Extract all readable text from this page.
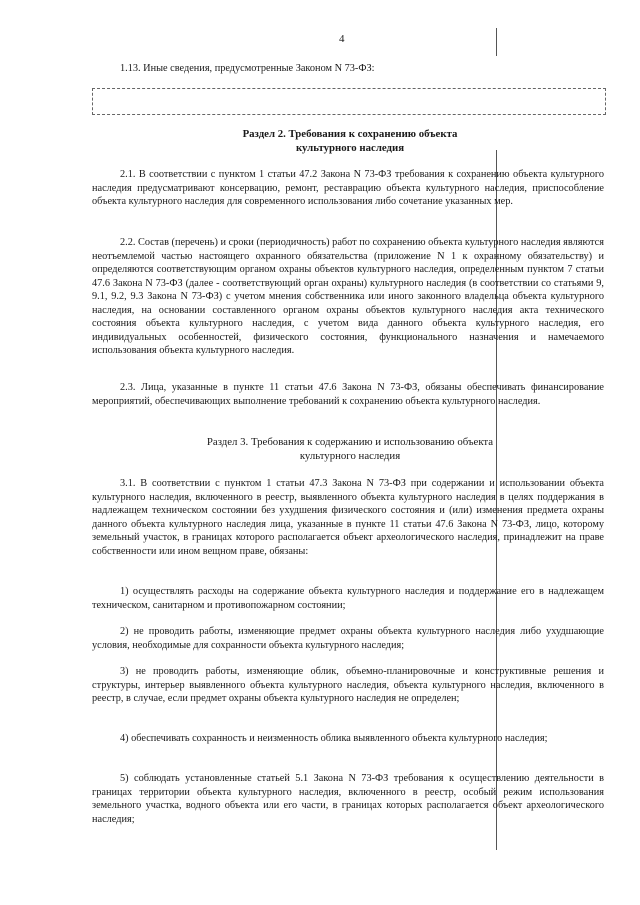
4
1.13. Иные сведения, предусмотренные Законом N 73-ФЗ:
Раздел 2. Требования к сохранению объекта
культурного наследия
2.1. В соответствии с пунктом 1 статьи 47.2 Закона N 73-ФЗ требования к сохранению объекта культурного наследия предусматривают консервацию, ремонт, реставрацию объекта культурного наследия, приспособление объекта культурного наследия для современного использования либо сочетание указанных мер.
2.2. Состав (перечень) и сроки (периодичность) работ по сохранению объекта культурного наследия являются неотъемлемой частью настоящего охранного обязательства (приложение N 1 к охранному обязательству) и определяются соответствующим органом охраны объектов культурного наследия, определенным пунктом 7 статьи 47.6 Закона N 73-ФЗ (далее - соответствующий орган охраны) культурного наследия (в соответствии со статьями 9, 9.1, 9.2, 9.3 Закона N 73-ФЗ) с учетом мнения собственника или иного законного владельца объекта культурного наследия, на основании составленного органом охраны объектов культурного наследия акта технического состояния объекта культурного наследия, с учетом вида данного объекта культурного наследия, его индивидуальных особенностей, физического состояния, функционального назначения и намечаемого использования объекта культурного наследия.
2.3. Лица, указанные в пункте 11 статьи 47.6 Закона N 73-ФЗ, обязаны обеспечивать финансирование мероприятий, обеспечивающих выполнение требований к сохранению объекта культурного наследия.
Раздел 3. Требования к содержанию и использованию объекта
культурного наследия
3.1. В соответствии с пунктом 1 статьи 47.3 Закона N 73-ФЗ при содержании и использовании объекта культурного наследия, включенного в реестр, выявленного объекта культурного наследия в целях поддержания в надлежащем техническом состоянии без ухудшения физического состояния и (или) изменения предмета охраны данного объекта культурного наследия лица, указанные в пункте 11 статьи 47.6 Закона N 73-ФЗ, лицо, которому земельный участок, в границах которого располагается объект археологического наследия, принадлежит на праве собственности или ином вещном праве, обязаны:
1) осуществлять расходы на содержание объекта культурного наследия и поддержание его в надлежащем техническом, санитарном и противопожарном состоянии;
2) не проводить работы, изменяющие предмет охраны объекта культурного наследия либо ухудшающие условия, необходимые для сохранности объекта культурного наследия;
3) не проводить работы, изменяющие облик, объемно-планировочные и конструктивные решения и структуры, интерьер выявленного объекта культурного наследия, объекта культурного наследия, включенного в реестр, в случае, если предмет охраны объекта культурного наследия не определен;
4) обеспечивать сохранность и неизменность облика выявленного объекта культурного наследия;
5) соблюдать установленные статьей 5.1 Закона N 73-ФЗ требования к осуществлению деятельности в границах территории объекта культурного наследия, включенного в реестр, особый режим использования земельного участка, водного объекта или его части, в границах которых располагается объект археологического наследия;
